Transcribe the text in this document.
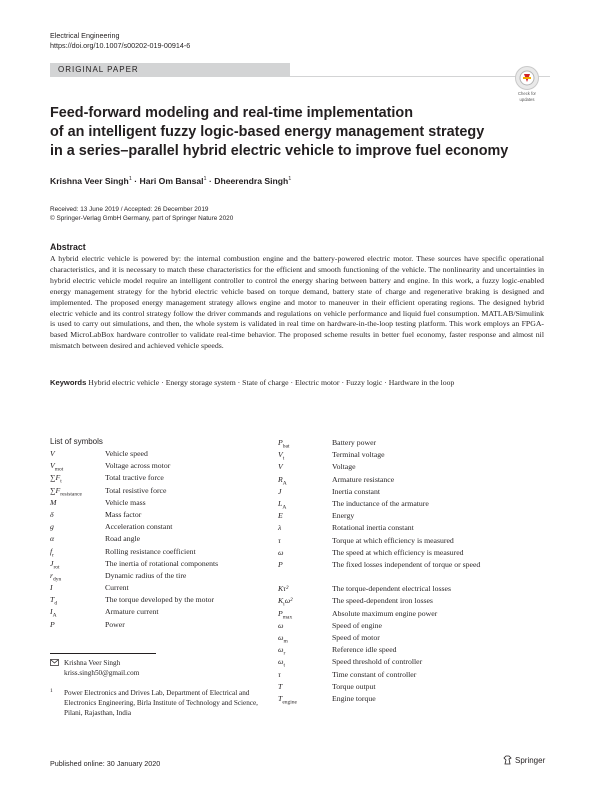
Electrical Engineering
https://doi.org/10.1007/s00202-019-00914-6
ORIGINAL PAPER
Check for
updates
Feed-forward modeling and real-time implementation
of an intelligent fuzzy logic-based energy management strategy
in a series–parallel hybrid electric vehicle to improve fuel economy
Krishna Veer Singh$^1$ · Hari Om Bansal$^1$ · Dheerendra Singh$^1$
Received: 13 June 2019 / Accepted: 26 December 2019
© Springer-Verlag GmbH Germany, part of Springer Nature 2020
Abstract
A hybrid electric vehicle is powered by: the internal combustion engine and the battery-powered electric motor. These sources have specific operational characteristics, and it is necessary to match these characteristics for the efficient and smooth functioning of the vehicle. The nonlinearity and uncertainties in hybrid electric vehicle model require an intelligent controller to control the energy sharing between battery and engine. In this work, a fuzzy logic-enabled energy management strategy for the hybrid electric vehicle based on torque demand, battery state of charge and regenerative braking is designed and implemented. The proposed energy management strategy allows engine and motor to maneuver in their efficient operating regions. The designed hybrid electric vehicle and its control strategy follow the driver commands and regulations on vehicle performance and liquid fuel consumption. MATLAB/Simulink is used to carry out simulations, and then, the whole system is validated in real time on hardware-in-the-loop testing platform. This work employs an FPGA-based MicroLabBox hardware controller to validate real-time behavior. The proposed scheme results in better fuel economy, faster response and almost nil mismatch between desired and achieved vehicle speeds.
Keywords Hybrid electric vehicle · Energy storage system · State of charge · Electric motor · Fuzzy logic · Hardware in the loop
List of symbols
V	Vehicle speed
$V_{mot}$	Voltage across motor
$\sum F_t$	Total tractive force
$\sum F_{resistance}$	Total resistive force
M	Vehicle mass
δ	Mass factor
g	Acceleration constant
α	Road angle
$f_r$	Rolling resistance coefficient
$J_{rot}$	The inertia of rotational components
$r_{dyn}$	Dynamic radius of the tire
I	Current
$T_d$	The torque developed by the motor
$I_A$	Armature current
P	Power
$P_{bat}$	Battery power
$V_t$	Terminal voltage
V	Voltage
$R_A$	Armature resistance
J	Inertia constant
$L_A$	The inductance of the armature
E	Energy
λ	Rotational inertia constant
τ	Torque at which efficiency is measured
ω	The speed at which efficiency is measured
P	The fixed losses independent of torque or speed
Kτ²	The torque-dependent electrical losses
$K_i\omega^2$	The speed-dependent iron losses
$P_{max}$	Absolute maximum engine power
ω	Speed of engine
$\omega_m$	Speed of motor
$\omega_r$	Reference idle speed
$\omega_t$	Speed threshold of controller
τ	Time constant of controller
T	Torque output
$T_{engine}$	Engine torque
Krishna Veer Singh
kriss.singh50@gmail.com
1 Power Electronics and Drives Lab, Department of Electrical and Electronics Engineering, Birla Institute of Technology and Science, Pilani, Rajasthan, India
Published online: 30 January 2020	Springer
